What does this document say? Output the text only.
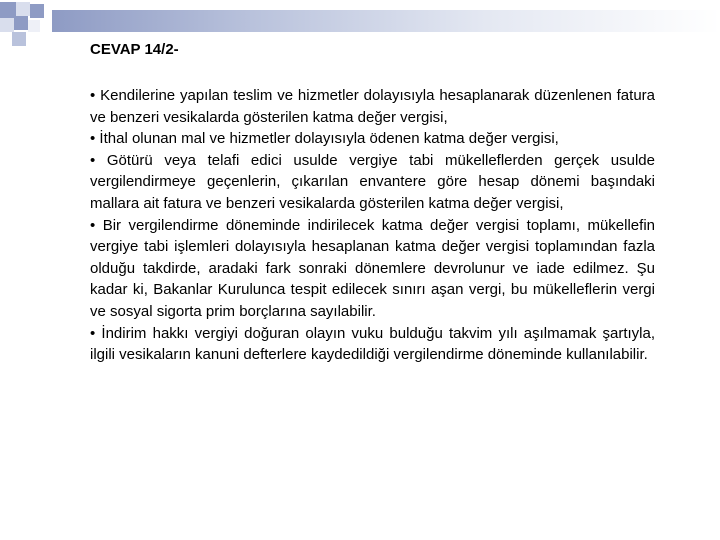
CEVAP 14/2-

• Kendilerine yapılan teslim ve hizmetler dolayısıyla hesaplanarak düzenlenen fatura ve benzeri vesikalarda gösterilen katma değer vergisi,

• İthal olunan mal ve hizmetler dolayısıyla ödenen katma değer vergisi,

• Götürü veya telafi edici usulde vergiye tabi mükelleflerden gerçek usulde vergilendirmeye geçenlerin, çıkarılan envantere göre hesap dönemi başındaki mallara ait fatura ve benzeri vesikalarda gösterilen katma değer vergisi,

• Bir vergilendirme döneminde indirilecek katma değer vergisi toplamı, mükellefin vergiye tabi işlemleri dolayısıyla hesaplanan katma değer vergisi toplamından fazla olduğu takdirde, aradaki fark sonraki dönemlere devrolunur ve iade edilmez. Şu kadar ki, Bakanlar Kurulunca tespit edilecek sınırı aşan vergi, bu mükelleflerin vergi ve sosyal sigorta prim borçlarına sayılabilir.

• İndirim hakkı vergiyi doğuran olayın vuku bulduğu takvim yılı aşılmamak şartıyla, ilgili vesikaların kanuni defterlere kaydedildiği vergilendirme döneminde kullanılabilir.
